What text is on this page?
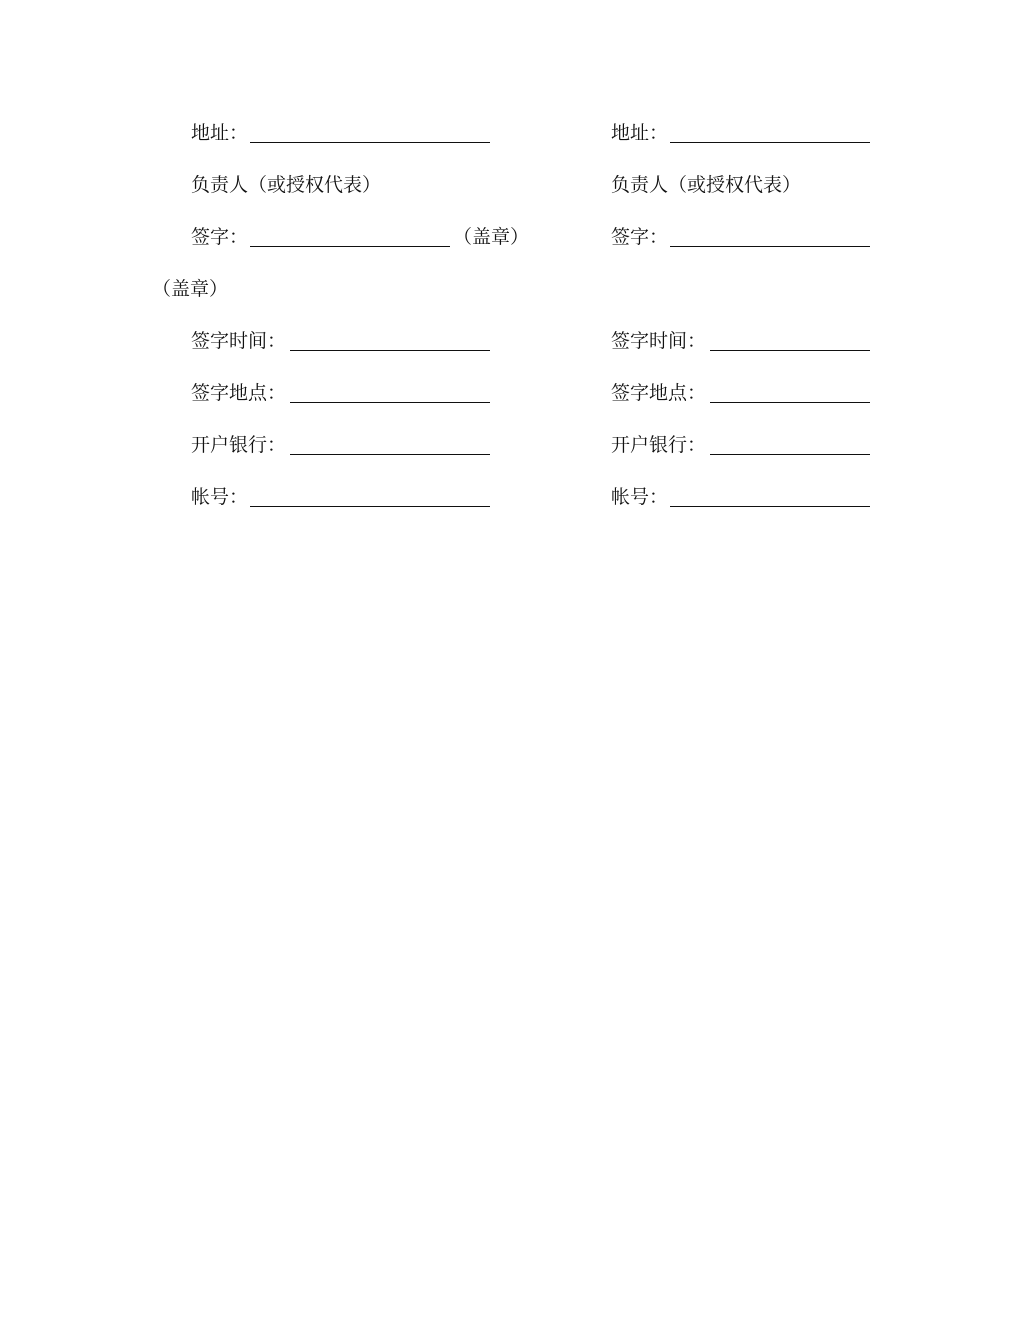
地址：
负责人（或授权代表）
签字：	（盖章）
（盖章）
签字时间：
签字地点：
开户银行：
帐号：
地址：
负责人（或授权代表）
签字：
签字时间：
签字地点：
开户银行：
帐号：
